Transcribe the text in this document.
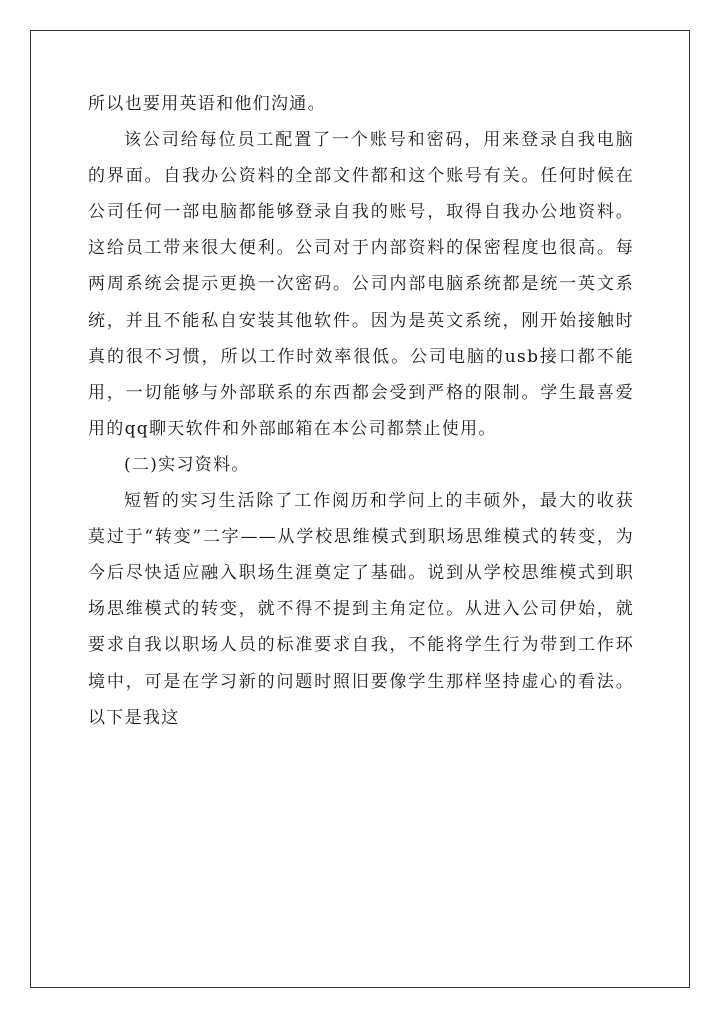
所以也要用英语和他们沟通。

该公司给每位员工配置了一个账号和密码，用来登录自我电脑的界面。自我办公资料的全部文件都和这个账号有关。任何时候在公司任何一部电脑都能够登录自我的账号，取得自我办公地资料。这给员工带来很大便利。公司对于内部资料的保密程度也很高。每两周系统会提示更换一次密码。公司内部电脑系统都是统一英文系统，并且不能私自安装其他软件。因为是英文系统，刚开始接触时真的很不习惯，所以工作时效率很低。公司电脑的usb接口都不能用，一切能够与外部联系的东西都会受到严格的限制。学生最喜爱用的qq聊天软件和外部邮箱在本公司都禁止使用。

(二)实习资料。

短暂的实习生活除了工作阅历和学问上的丰硕外，最大的收获莫过于“转变”二字——从学校思维模式到职场思维模式的转变，为今后尽快适应融入职场生涯奠定了基础。说到从学校思维模式到职场思维模式的转变，就不得不提到主角定位。从进入公司伊始，就要求自我以职场人员的标准要求自我，不能将学生行为带到工作环境中，可是在学习新的问题时照旧要像学生那样坚持虚心的看法。以下是我这
